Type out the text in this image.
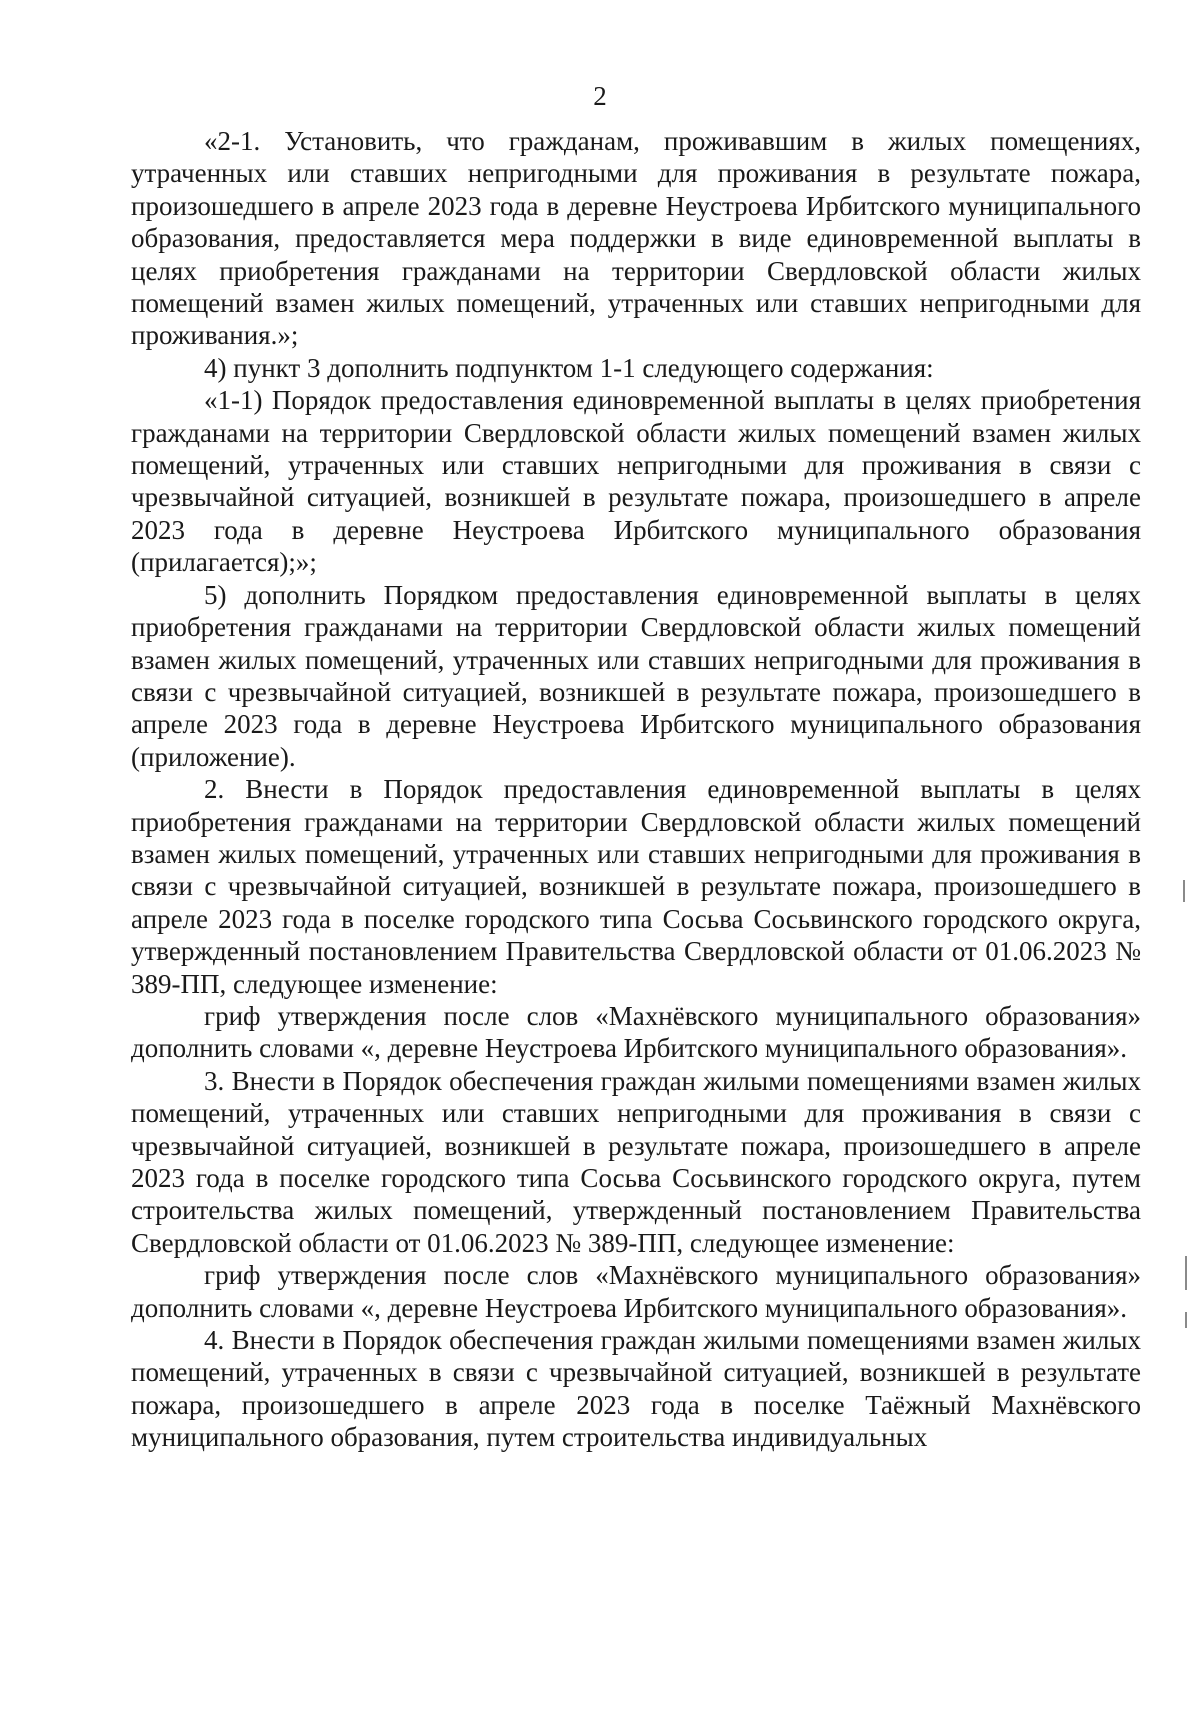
2

«2-1. Установить, что гражданам, проживавшим в жилых помещениях, утраченных или ставших непригодными для проживания в результате пожара, произошедшего в апреле 2023 года в деревне Неустроева Ирбитского муниципального образования, предоставляется мера поддержки в виде единовременной выплаты в целях приобретения гражданами на территории Свердловской области жилых помещений взамен жилых помещений, утраченных или ставших непригодными для проживания.»;

4) пункт 3 дополнить подпунктом 1-1 следующего содержания:

«1-1) Порядок предоставления единовременной выплаты в целях приобретения гражданами на территории Свердловской области жилых помещений взамен жилых помещений, утраченных или ставших непригодными для проживания в связи с чрезвычайной ситуацией, возникшей в результате пожара, произошедшего в апреле 2023 года в деревне Неустроева Ирбитского муниципального образования (прилагается);»;

5) дополнить Порядком предоставления единовременной выплаты в целях приобретения гражданами на территории Свердловской области жилых помещений взамен жилых помещений, утраченных или ставших непригодными для проживания в связи с чрезвычайной ситуацией, возникшей в результате пожара, произошедшего в апреле 2023 года в деревне Неустроева Ирбитского муниципального образования (приложение).

2. Внести в Порядок предоставления единовременной выплаты в целях приобретения гражданами на территории Свердловской области жилых помещений взамен жилых помещений, утраченных или ставших непригодными для проживания в связи с чрезвычайной ситуацией, возникшей в результате пожара, произошедшего в апреле 2023 года в поселке городского типа Сосьва Сосьвинского городского округа, утвержденный постановлением Правительства Свердловской области от 01.06.2023 № 389-ПП, следующее изменение:

гриф утверждения после слов «Махнёвского муниципального образования» дополнить словами «, деревне Неустроева Ирбитского муниципального образования».

3. Внести в Порядок обеспечения граждан жилыми помещениями взамен жилых помещений, утраченных или ставших непригодными для проживания в связи с чрезвычайной ситуацией, возникшей в результате пожара, произошедшего в апреле 2023 года в поселке городского типа Сосьва Сосьвинского городского округа, путем строительства жилых помещений, утвержденный постановлением Правительства Свердловской области от 01.06.2023 № 389-ПП, следующее изменение:

гриф утверждения после слов «Махнёвского муниципального образования» дополнить словами «, деревне Неустроева Ирбитского муниципального образования».

4. Внести в Порядок обеспечения граждан жилыми помещениями взамен жилых помещений, утраченных в связи с чрезвычайной ситуацией, возникшей в результате пожара, произошедшего в апреле 2023 года в поселке Таёжный Махнёвского муниципального образования, путем строительства индивидуальных
